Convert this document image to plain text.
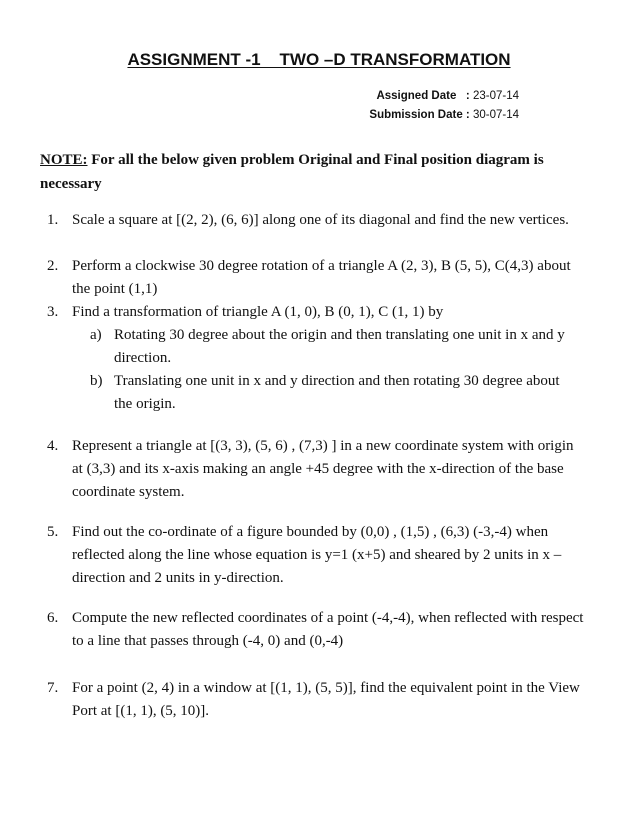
ASSIGNMENT -1    TWO –D TRANSFORMATION
Assigned Date   : 23-07-14
Submission Date : 30-07-14
NOTE: For all the below given problem Original and Final position diagram is necessary
1. Scale a square at [(2, 2), (6, 6)] along one of its diagonal and find the new vertices.
2. Perform a clockwise 30 degree rotation of a triangle A (2, 3), B (5, 5), C(4,3) about the point (1,1)
3. Find a transformation of triangle A (1, 0), B (0, 1), C (1, 1) by
a) Rotating 30 degree about the origin and then translating one unit in x and y direction.
b) Translating one unit in x and y direction and then rotating 30 degree about the origin.
4. Represent a triangle at [(3, 3), (5, 6) , (7,3) ] in a new coordinate system with origin at (3,3) and its x-axis making an angle +45 degree with the x-direction of the base coordinate system.
5. Find out the co-ordinate of a figure bounded by (0,0) , (1,5) , (6,3) (-3,-4) when reflected along the line whose equation is y=1 (x+5) and sheared by 2 units in x –direction and 2 units in y-direction.
6. Compute the new reflected coordinates of a point (-4,-4), when reflected with respect to a line that passes through (-4, 0) and (0,-4)
7. For a point (2, 4) in a window at [(1, 1), (5, 5)], find the equivalent point in the View Port at [(1, 1), (5, 10)].
